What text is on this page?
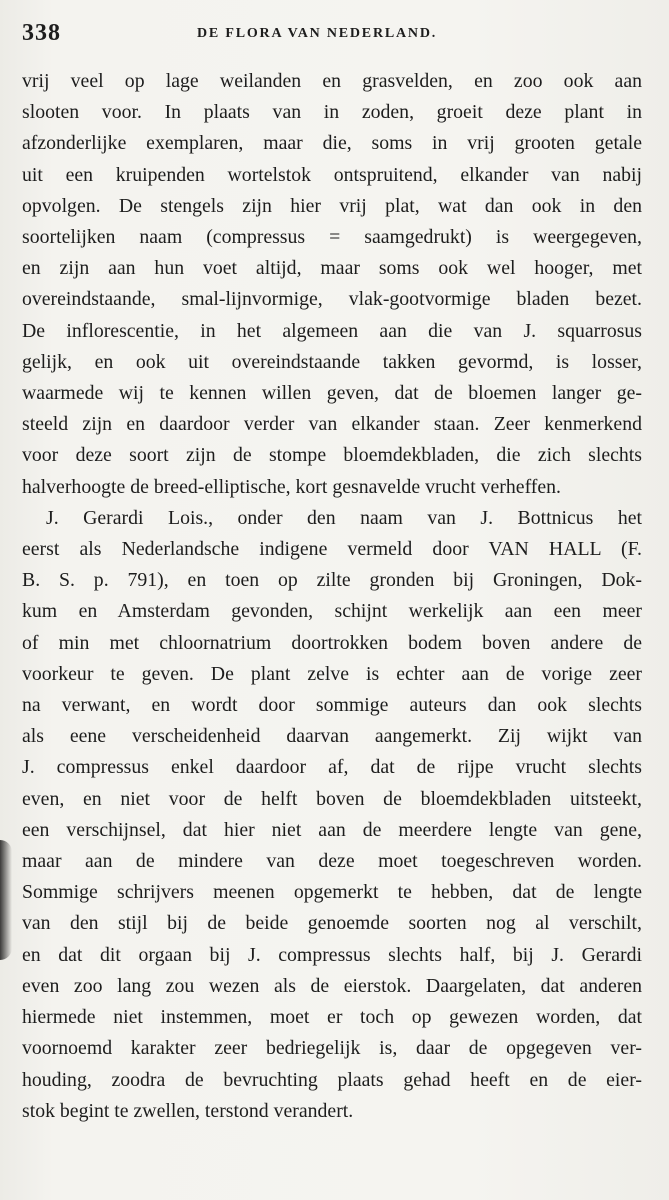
338	DE FLORA VAN NEDERLAND.
vrij veel op lage weilanden en grasvelden, en zoo ook aan
slooten voor. In plaats van in zoden, groeit deze plant in
afzonderlijke exemplaren, maar die, soms in vrij grooten getale
uit een kruipenden wortelstok ontspruitend, elkander van nabij
opvolgen. De stengels zijn hier vrij plat, wat dan ook in den
soortelijken naam (compressus = saamgedrukt) is weergegeven,
en zijn aan hun voet altijd, maar soms ook wel hooger, met
overeindstaande, smal-lijnvormige, vlak-gootvormige bladen bezet.
De inflorescentie, in het algemeen aan die van J. squarrosus
gelijk, en ook uit overeindstaande takken gevormd, is losser,
waarmede wij te kennen willen geven, dat de bloemen langer ge-
steeld zijn en daardoor verder van elkander staan. Zeer kenmerkend
voor deze soort zijn de stompe bloemdekbladen, die zich slechts
halverhoogte de breed-elliptische, kort gesnavelde vrucht verheffen.
J. Gerardi Lois., onder den naam van J. Bottnicus het
eerst als Nederlandsche indigene vermeld door VAN HALL (F.
B. S. p. 791), en toen op zilte gronden bij Groningen, Dok-
kum en Amsterdam gevonden, schijnt werkelijk aan een meer
of min met chloornatrium doortrokken bodem boven andere de
voorkeur te geven. De plant zelve is echter aan de vorige zeer
na verwant, en wordt door sommige auteurs dan ook slechts
als eene verscheidenheid daarvan aangemerkt. Zij wijkt van
J. compressus enkel daardoor af, dat de rijpe vrucht slechts
even, en niet voor de helft boven de bloemdekbladen uitsteekt,
een verschijnsel, dat hier niet aan de meerdere lengte van gene,
maar aan de mindere van deze moet toegeschreven worden.
Sommige schrijvers meenen opgemerkt te hebben, dat de lengte
van den stijl bij de beide genoemde soorten nog al verschilt,
en dat dit orgaan bij J. compressus slechts half, bij J. Gerardi
even zoo lang zou wezen als de eierstok. Daargelaten, dat anderen
hiermede niet instemmen, moet er toch op gewezen worden, dat
voornoemd karakter zeer bedriegelijk is, daar de opgegeven ver-
houding, zoodra de bevruchting plaats gehad heeft en de eier-
stok begint te zwellen, terstond verandert.
